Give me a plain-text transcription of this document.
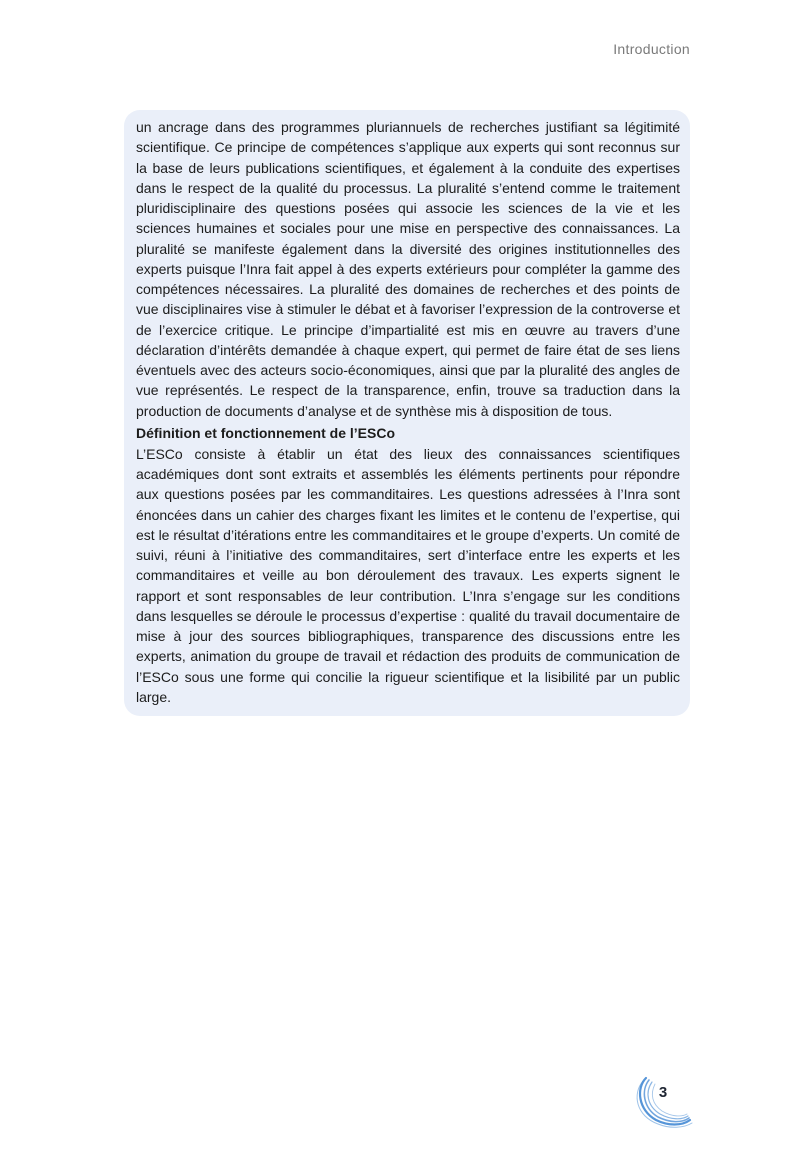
Introduction

un ancrage dans des programmes pluriannuels de recherches justifiant sa légitimité scientifique. Ce principe de compétences s’applique aux experts qui sont reconnus sur la base de leurs publications scientifiques, et également à la conduite des expertises dans le respect de la qualité du processus. La pluralité s’entend comme le traitement pluridisciplinaire des questions posées qui associe les sciences de la vie et les sciences humaines et sociales pour une mise en perspective des connaissances. La pluralité se manifeste également dans la diversité des origines institutionnelles des experts puisque l’Inra fait appel à des experts extérieurs pour compléter la gamme des compétences nécessaires. La pluralité des domaines de recherches et des points de vue disciplinaires vise à stimuler le débat et à favoriser l’expression de la controverse et de l’exercice critique. Le principe d’impartialité est mis en œuvre au travers d’une déclaration d’intérêts demandée à chaque expert, qui permet de faire état de ses liens éventuels avec des acteurs socio-économiques, ainsi que par la pluralité des angles de vue représentés. Le respect de la transparence, enfin, trouve sa traduction dans la production de documents d’analyse et de synthèse mis à disposition de tous.

Définition et fonctionnement de l’ESCo

L’ESCo consiste à établir un état des lieux des connaissances scientifiques académiques dont sont extraits et assemblés les éléments pertinents pour répondre aux questions posées par les commanditaires. Les questions adressées à l’Inra sont énoncées dans un cahier des charges fixant les limites et le contenu de l’expertise, qui est le résultat d’itérations entre les commanditaires et le groupe d’experts. Un comité de suivi, réuni à l’initiative des commanditaires, sert d’interface entre les experts et les commanditaires et veille au bon déroulement des travaux. Les experts signent le rapport et sont responsables de leur contribution. L’Inra s’engage sur les conditions dans lesquelles se déroule le processus d’expertise : qualité du travail documentaire de mise à jour des sources bibliographiques, transparence des discussions entre les experts, animation du groupe de travail et rédaction des produits de communication de l’ESCo sous une forme qui concilie la rigueur scientifique et la lisibilité par un public large.

3
